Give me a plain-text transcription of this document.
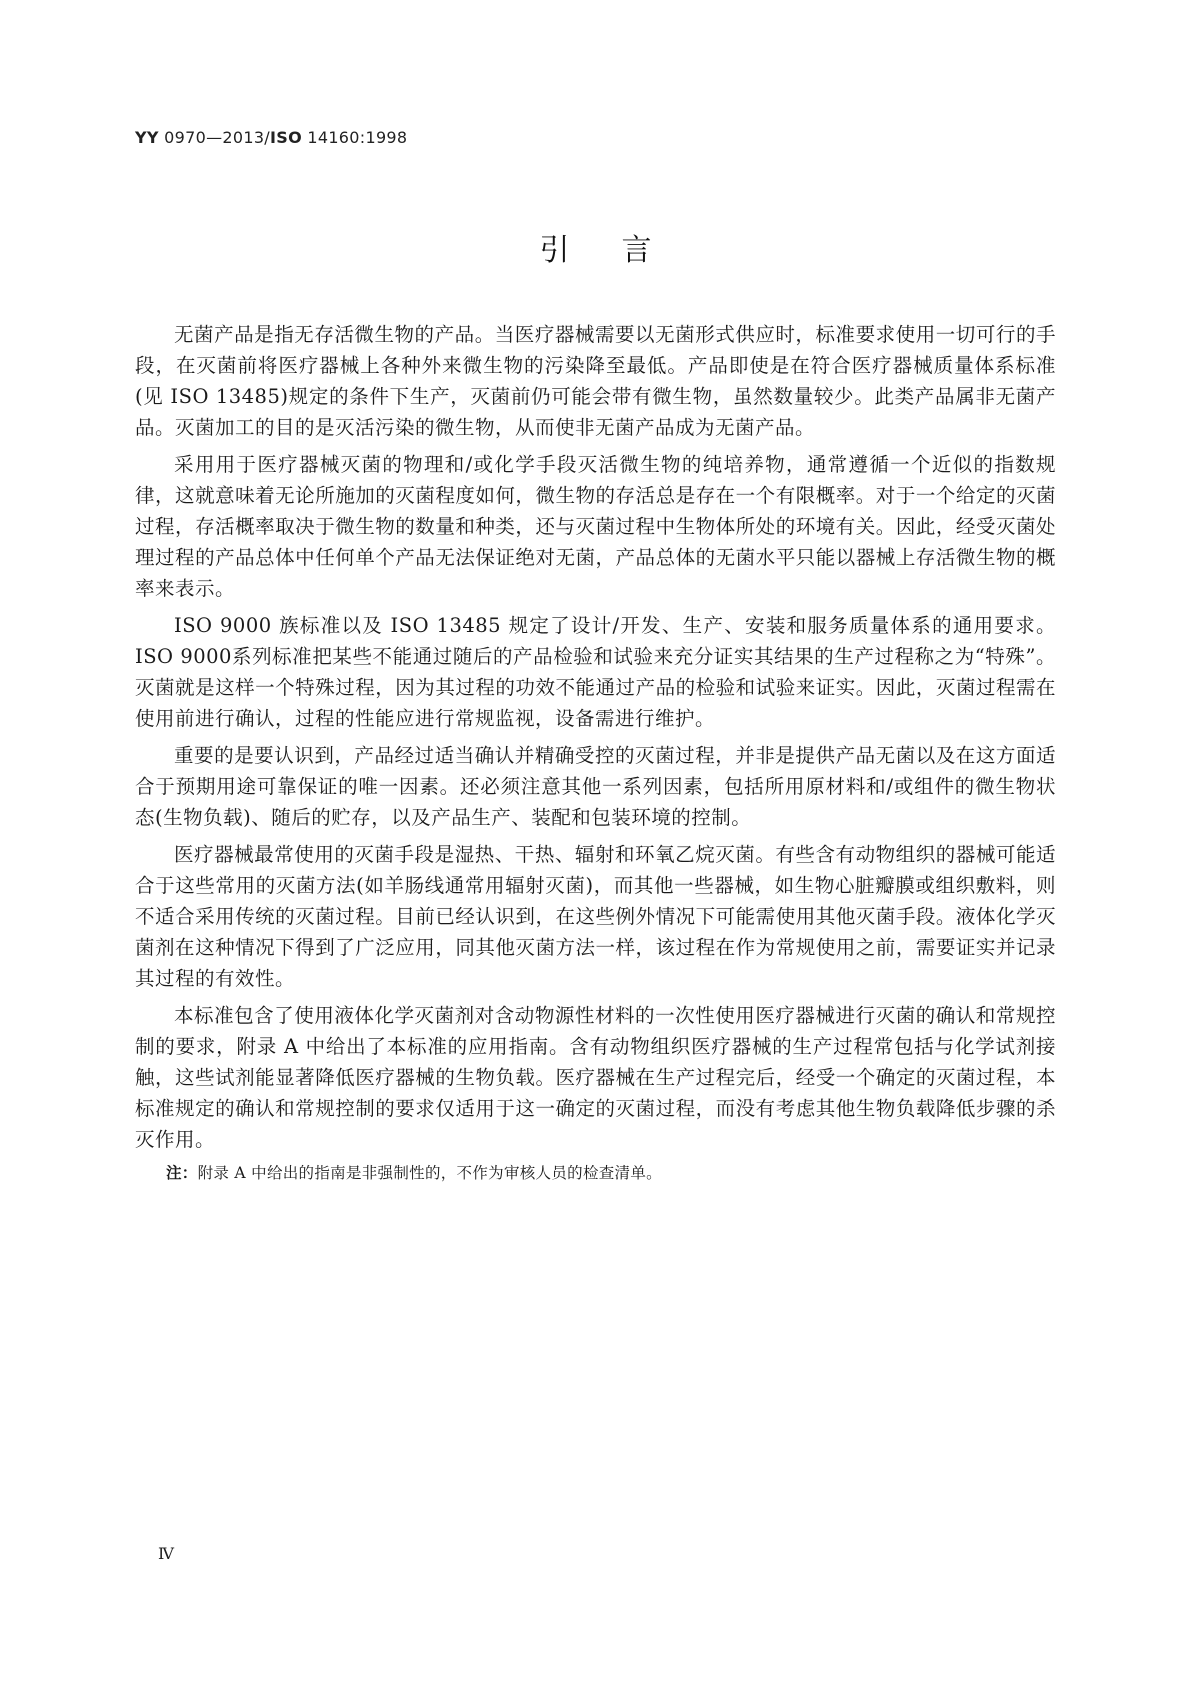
YY 0970—2013/ISO 14160:1998
引言

无菌产品是指无存活微生物的产品。当医疗器械需要以无菌形式供应时，标准要求使用一切可行的手段，在灭菌前将医疗器械上各种外来微生物的污染降至最低。产品即使是在符合医疗器械质量体系标准(见 ISO 13485)规定的条件下生产，灭菌前仍可能会带有微生物，虽然数量较少。此类产品属非无菌产品。灭菌加工的目的是灭活污染的微生物，从而使非无菌产品成为无菌产品。

采用用于医疗器械灭菌的物理和/或化学手段灭活微生物的纯培养物，通常遵循一个近似的指数规律，这就意味着无论所施加的灭菌程度如何，微生物的存活总是存在一个有限概率。对于一个给定的灭菌过程，存活概率取决于微生物的数量和种类，还与灭菌过程中生物体所处的环境有关。因此，经受灭菌处理过程的产品总体中任何单个产品无法保证绝对无菌，产品总体的无菌水平只能以器械上存活微生物的概率来表示。

ISO 9000 族标准以及 ISO 13485 规定了设计/开发、生产、安装和服务质量体系的通用要求。ISO 9000系列标准把某些不能通过随后的产品检验和试验来充分证实其结果的生产过程称之为“特殊”。灭菌就是这样一个特殊过程，因为其过程的功效不能通过产品的检验和试验来证实。因此，灭菌过程需在使用前进行确认，过程的性能应进行常规监视，设备需进行维护。

重要的是要认识到，产品经过适当确认并精确受控的灭菌过程，并非是提供产品无菌以及在这方面适合于预期用途可靠保证的唯一因素。还必须注意其他一系列因素，包括所用原材料和/或组件的微生物状态(生物负载)、随后的贮存，以及产品生产、装配和包装环境的控制。

医疗器械最常使用的灭菌手段是湿热、干热、辐射和环氧乙烷灭菌。有些含有动物组织的器械可能适合于这些常用的灭菌方法(如羊肠线通常用辐射灭菌)，而其他一些器械，如生物心脏瓣膜或组织敷料，则不适合采用传统的灭菌过程。目前已经认识到，在这些例外情况下可能需使用其他灭菌手段。液体化学灭菌剂在这种情况下得到了广泛应用，同其他灭菌方法一样，该过程在作为常规使用之前，需要证实并记录其过程的有效性。

本标准包含了使用液体化学灭菌剂对含动物源性材料的一次性使用医疗器械进行灭菌的确认和常规控制的要求，附录 A 中给出了本标准的应用指南。含有动物组织医疗器械的生产过程常包括与化学试剂接触，这些试剂能显著降低医疗器械的生物负载。医疗器械在生产过程完后，经受一个确定的灭菌过程，本标准规定的确认和常规控制的要求仅适用于这一确定的灭菌过程，而没有考虑其他生物负载降低步骤的杀灭作用。

注：附录 A 中给出的指南是非强制性的，不作为审核人员的检查清单。

Ⅳ
